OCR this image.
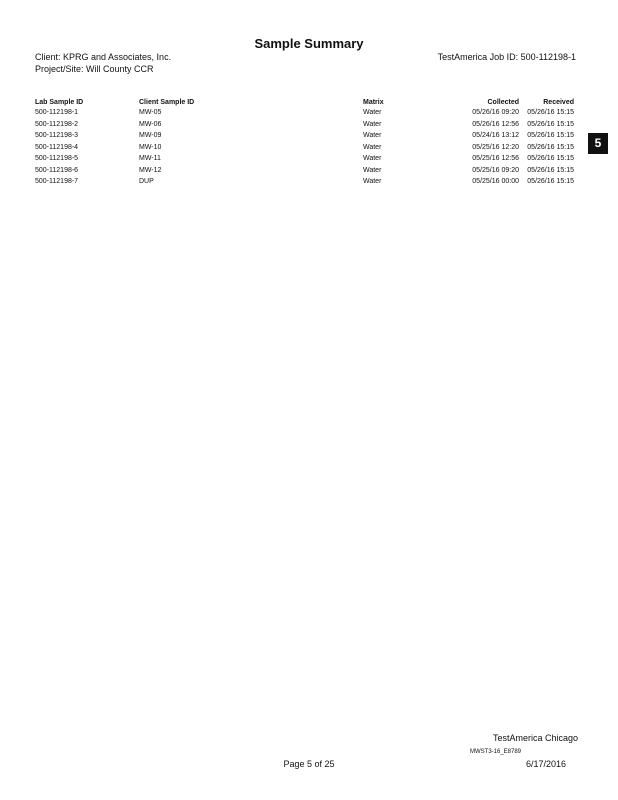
Sample Summary
Client: KPRG and Associates, Inc.
Project/Site: Will County CCR
TestAmerica Job ID: 500-112198-1
Lab Sample ID	Client Sample ID	Matrix	Collected	Received
500-112198-1	MW-05	Water	05/26/16 09:20	05/26/16 15:15
500-112198-2	MW-06	Water	05/26/16 12:56	05/26/16 15:15
500-112198-3	MW-09	Water	05/24/16 13:12	05/26/16 15:15
500-112198-4	MW-10	Water	05/25/16 12:20	05/26/16 15:15
500-112198-5	MW-11	Water	05/25/16 12:56	05/26/16 15:15
500-112198-6	MW-12	Water	05/25/16 09:20	05/26/16 15:15
500-112198-7	DUP	Water	05/25/16 00:00	05/26/16 15:15
5
TestAmerica Chicago
MWST3-16_E8789
Page 5 of 25	6/17/2016
